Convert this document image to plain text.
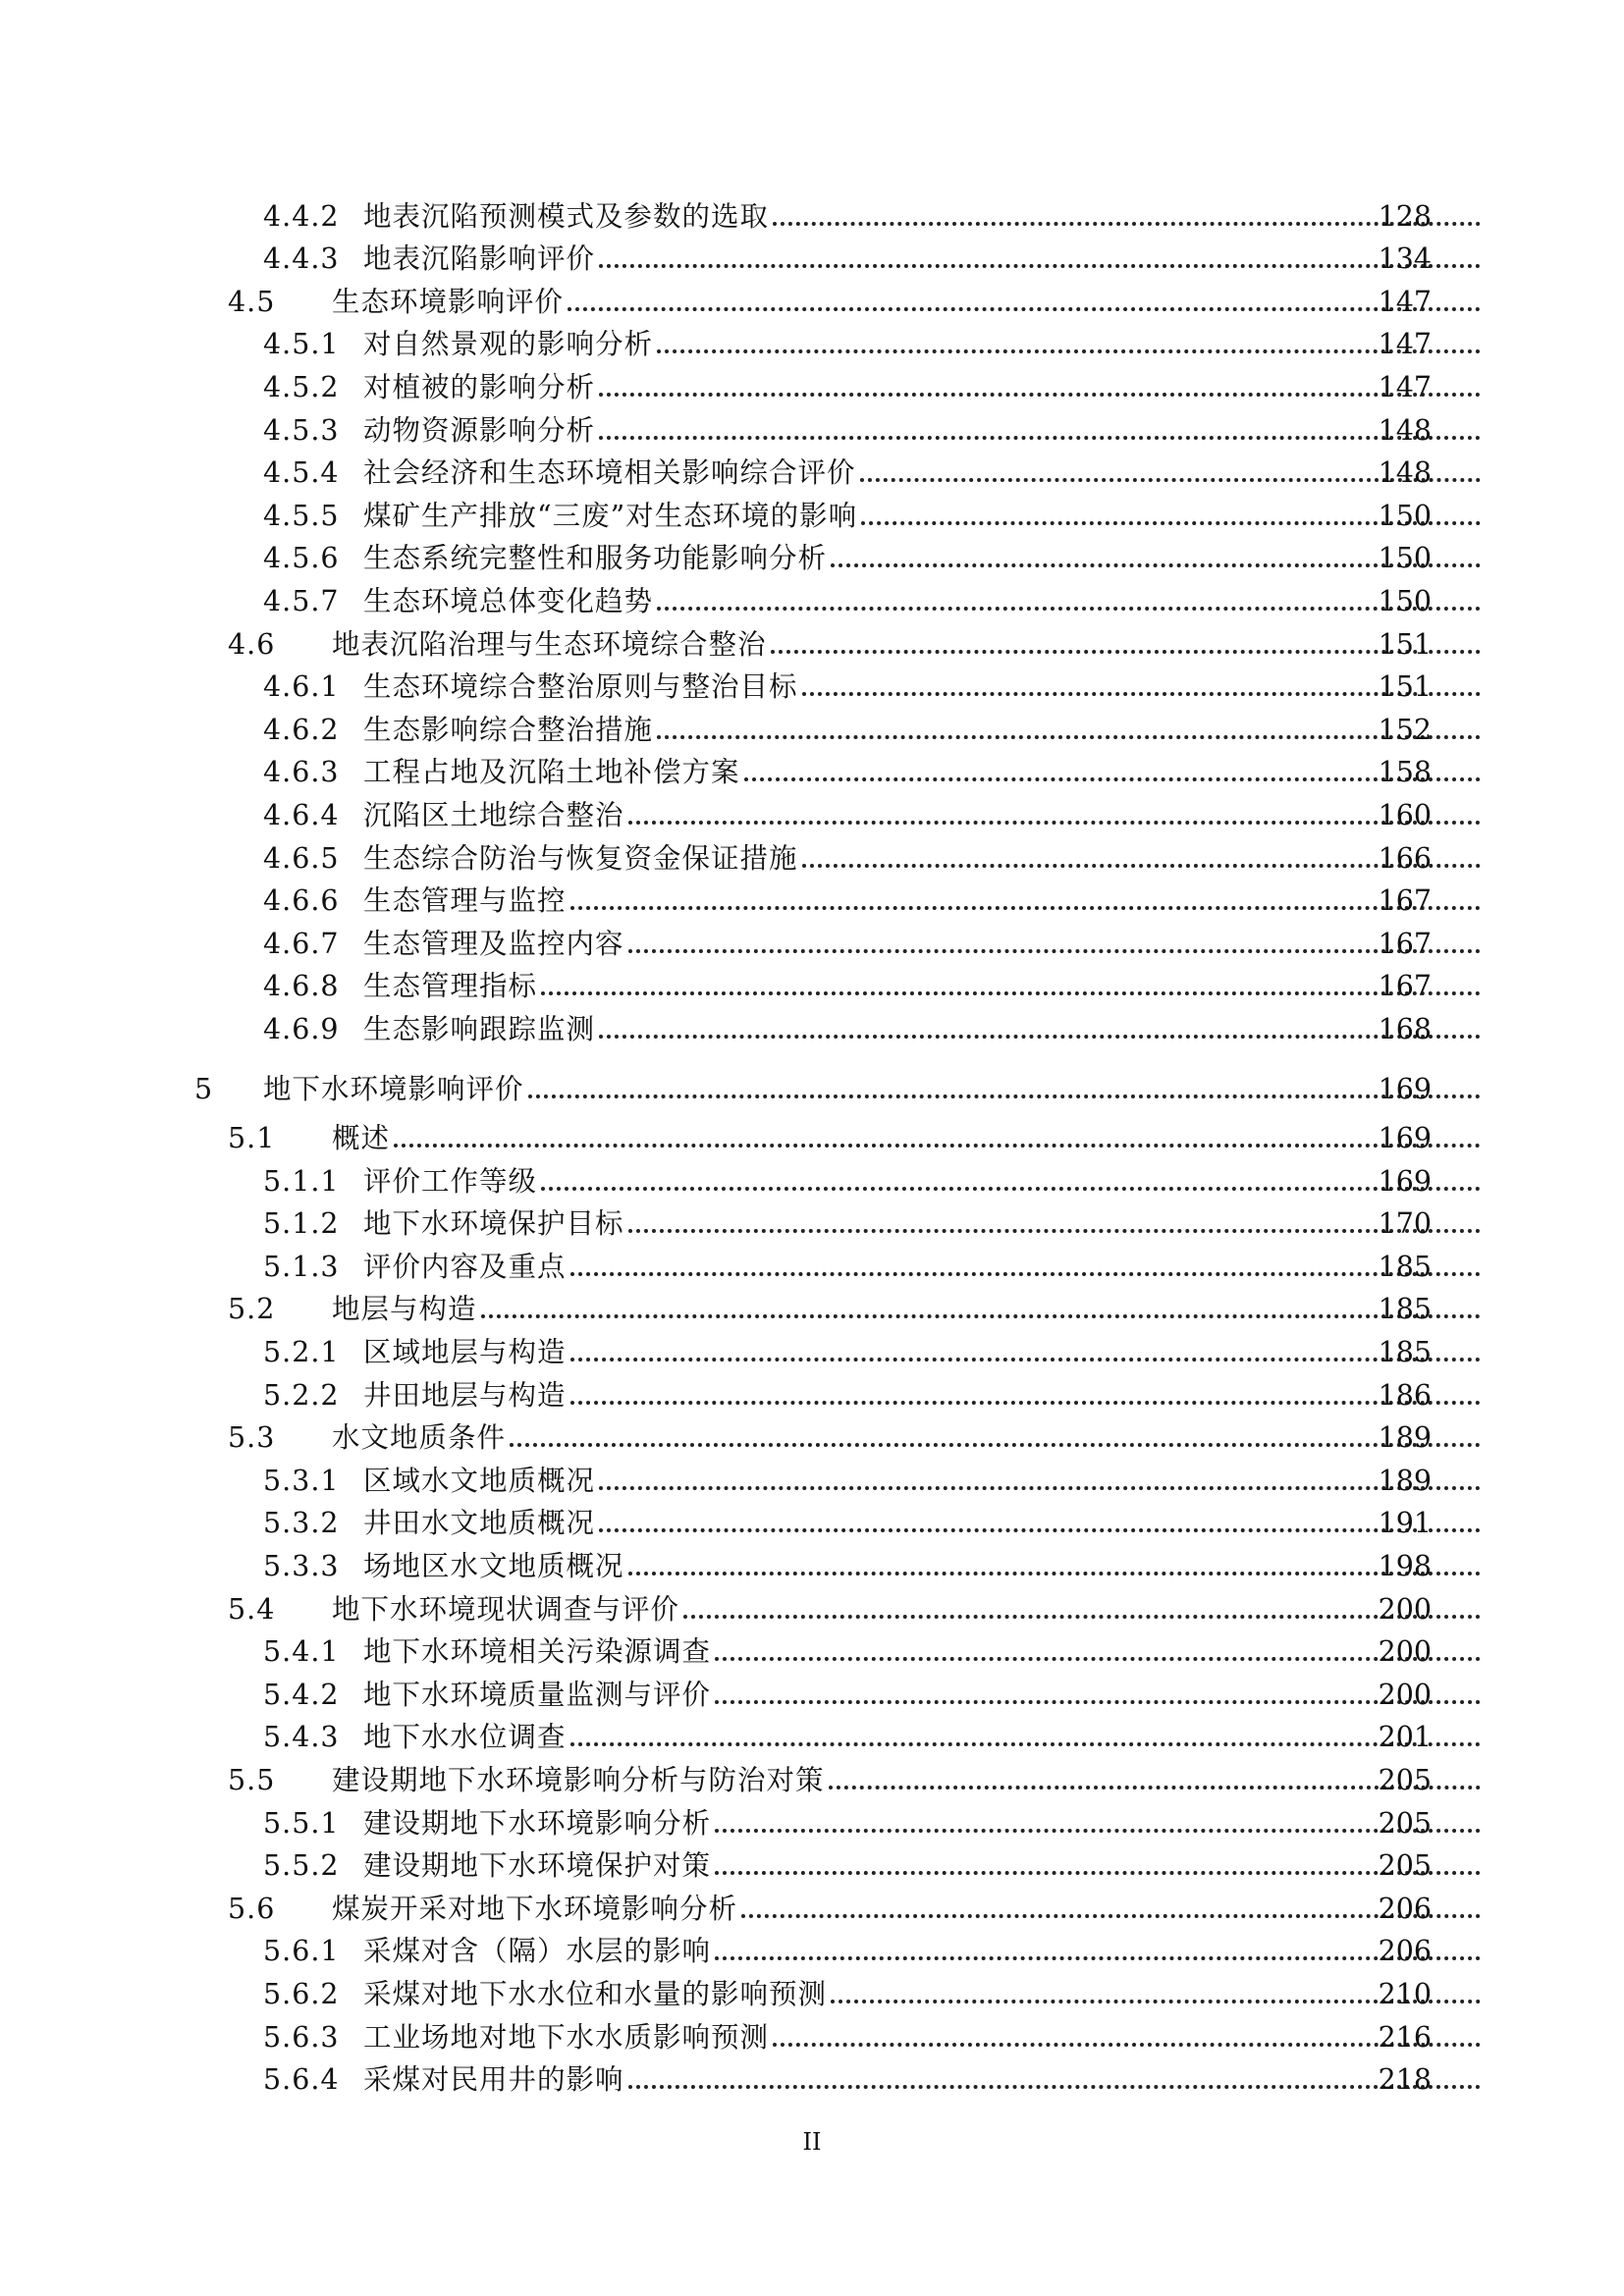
4.4.2 地表沉陷预测模式及参数的选取	128
4.4.3 地表沉陷影响评价	134
4.5 生态环境影响评价	147
4.5.1 对自然景观的影响分析	147
4.5.2 对植被的影响分析	147
4.5.3 动物资源影响分析	148
4.5.4 社会经济和生态环境相关影响综合评价	148
4.5.5 煤矿生产排放“三废”对生态环境的影响	150
4.5.6 生态系统完整性和服务功能影响分析	150
4.5.7 生态环境总体变化趋势	150
4.6 地表沉陷治理与生态环境综合整治	151
4.6.1 生态环境综合整治原则与整治目标	151
4.6.2 生态影响综合整治措施	152
4.6.3 工程占地及沉陷土地补偿方案	158
4.6.4 沉陷区土地综合整治	160
4.6.5 生态综合防治与恢复资金保证措施	166
4.6.6 生态管理与监控	167
4.6.7 生态管理及监控内容	167
4.6.8 生态管理指标	167
4.6.9 生态影响跟踪监测	168
5 地下水环境影响评价	169
5.1 概述	169
5.1.1 评价工作等级	169
5.1.2 地下水环境保护目标	170
5.1.3 评价内容及重点	185
5.2 地层与构造	185
5.2.1 区域地层与构造	185
5.2.2 井田地层与构造	186
5.3 水文地质条件	189
5.3.1 区域水文地质概况	189
5.3.2 井田水文地质概况	191
5.3.3 场地区水文地质概况	198
5.4 地下水环境现状调查与评价	200
5.4.1 地下水环境相关污染源调查	200
5.4.2 地下水环境质量监测与评价	200
5.4.3 地下水水位调查	201
5.5 建设期地下水环境影响分析与防治对策	205
5.5.1 建设期地下水环境影响分析	205
5.5.2 建设期地下水环境保护对策	205
5.6 煤炭开采对地下水环境影响分析	206
5.6.1 采煤对含（隔）水层的影响	206
5.6.2 采煤对地下水水位和水量的影响预测	210
5.6.3 工业场地对地下水水质影响预测	216
5.6.4 采煤对民用井的影响	218
II
